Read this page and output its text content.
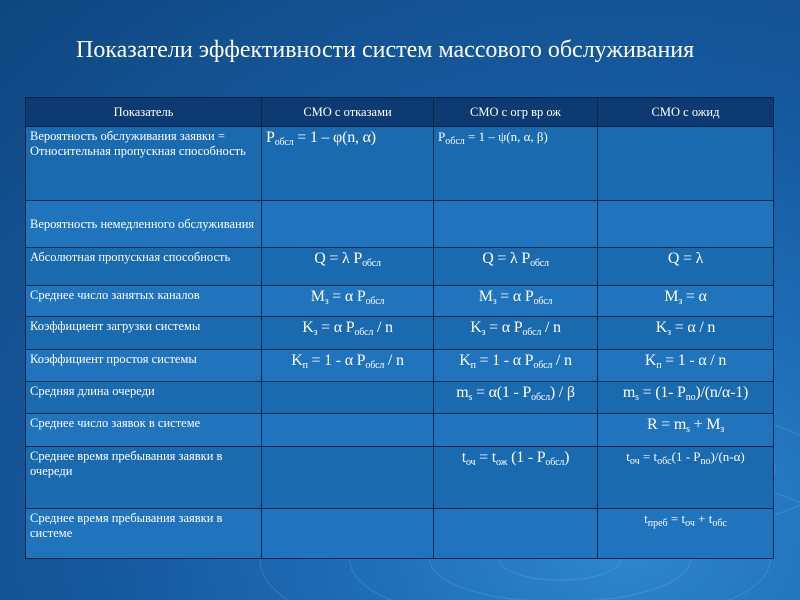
Показатели эффективности систем массового обслуживания
Показатель	СМО с отказами	СМО с огр вр ож	СМО с ожид
Вероятность обслуживания заявки = Относительная пропускная способность	$P_{обсл} = 1 - \varphi(n$, α)	$P_{обсл} = 1 - \psi(n$, α, β)	
Вероятность немедленного обслуживания			
Абсолютная пропускная способность	Q = λ $P_{обсл}$	Q = λ $P_{обсл}$	Q = λ
Среднее число занятых каналов	$M_з = \alpha$ $P_{обсл}$	$M_з = \alpha$ $P_{обсл}$	$M_з = \alpha$
Коэффициент загрузки системы	$K_з = \alpha$ $P_{обсл}$ / n	$K_з = \alpha$ $P_{обсл}$ / n	$K_з = \alpha / n$
Коэффициент простоя системы	$K_п = 1 - \alpha$ $P_{обсл}$ / n	$K_п = 1 - \alpha$ $P_{обсл}$ / n	$K_п = 1 - \alpha / n$
Средняя длина очереди		$m_s = \alpha(1 - P_{обсл}) / \beta$	$m_s = (1-$ $P_{no})/(n/\alpha-1)$
Среднее число заявок в системе			$R = m_s + M_з$
Среднее время пребывания заявки в очереди		$t_{оч} = t_{ож}$ $(1 - P_{обсл})$	$t_{оч} = t_{обс}(1 - P_{no})/(n-\alpha)$
Среднее время пребывания заявки в системе			$t_{преб} = t_{оч} + t_{обс}$
